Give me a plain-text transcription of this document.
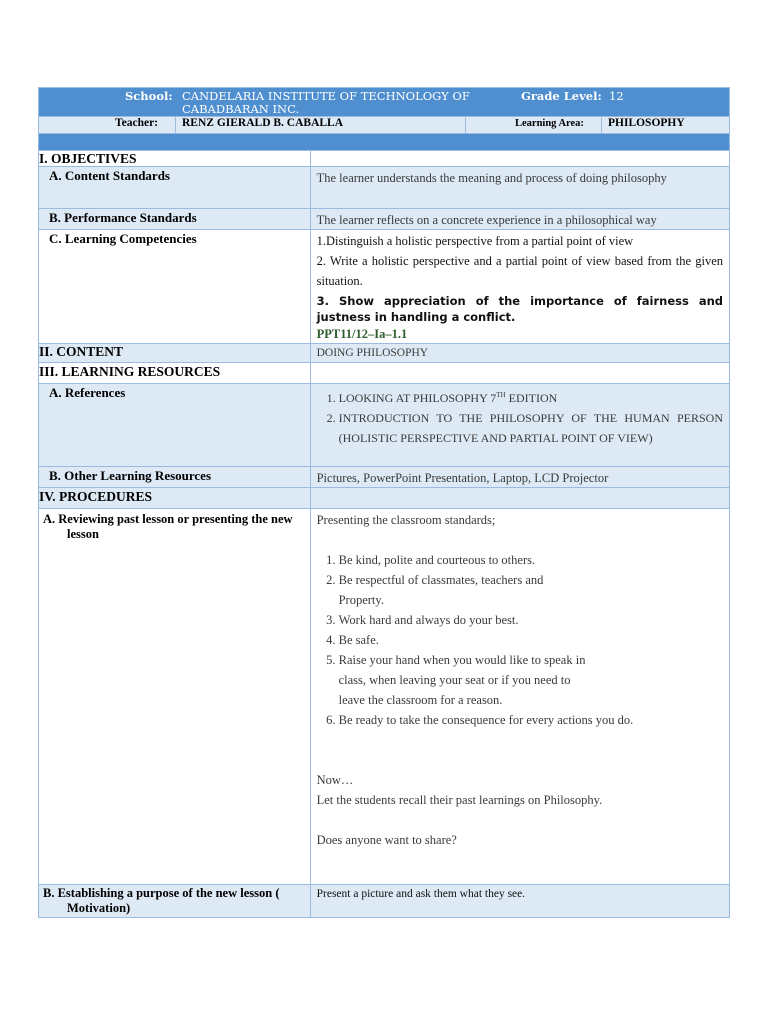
School: CANDELARIA INSTITUTE OF TECHNOLOGY OF
CABADBARAN INC.
Grade Level: 12
Teacher: RENZ GIERALD B. CABALLA	Learning Area: PHILOSOPHY
I. OBJECTIVES
A. Content Standards	The learner understands the meaning and process of doing philosophy
B. Performance Standards	The learner reflects on a concrete experience in a philosophical way
C. Learning Competencies	1.Distinguish a holistic perspective from a partial point of view

2. Write a holistic perspective and a partial point of view based from the given situation.

3. Show appreciation of the importance of fairness and justness in handling a conflict.

PPT11/12–Ia–1.1

II. CONTENT	DOING PHILOSOPHY
III. LEARNING RESOURCES
A. References
1.	LOOKING AT PHILOSOPHY 7TH EDITION
2. INTRODUCTION TO THE PHILOSOPHY OF THE HUMAN PERSON (HOLISTIC PERSPECTIVE AND PARTIAL POINT OF VIEW)
B. Other Learning Resources	Pictures, PowerPoint Presentation, Laptop, LCD Projector
IV. PROCEDURES
A. Reviewing past lesson or presenting the new lesson

Presenting the classroom standards;

1. Be kind, polite and courteous to others.
2. Be respectful of classmates, teachers and Property.
3. Work hard and always do your best.
4. Be safe.
5. Raise your hand when you would like to speak in class, when leaving your seat or if you need to leave the classroom for a reason.
6. Be ready to take the consequence for every actions you do.

Now…

Let the students recall their past learnings on Philosophy.

Does anyone want to share?

B. Establishing a purpose of the new lesson ( Motivation)
Present a picture and ask them what they see.
